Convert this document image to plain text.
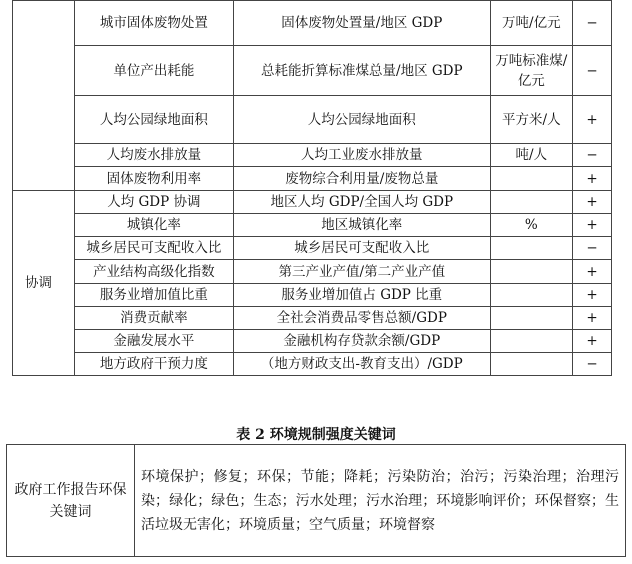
	城市固体废物处置	固体废物处置量/地区 GDP	万吨/亿元	−
	单位产出耗能	总耗能折算标准煤总量/地区 GDP	万吨标准煤/亿元	−
	人均公园绿地面积	人均公园绿地面积	平方米/人	+
	人均废水排放量	人均工业废水排放量	吨/人	−
	固体废物利用率	废物综合利用量/废物总量		+
协调	人均 GDP 协调	地区人均 GDP/全国人均 GDP		+
	城镇化率	地区城镇化率	%	+
	城乡居民可支配收入比	城乡居民可支配收入比		−
	产业结构高级化指数	第三产业产值/第二产业产值		+
	服务业增加值比重	服务业增加值占 GDP 比重		+
	消费贡献率	全社会消费品零售总额/GDP		+
	金融发展水平	金融机构存贷款余额/GDP		+
	地方政府干预力度	（地方财政支出-教育支出）/GDP		−
表 2 环境规制强度关键词
政府工作报告环保关键词	环境保护；修复；环保；节能；降耗；污染防治；治污；污染治理；治理污染；绿化；绿色；生态；污水处理；污水治理；环境影响评价；环保督察；生活垃圾无害化；环境质量；空气质量；环境督察
